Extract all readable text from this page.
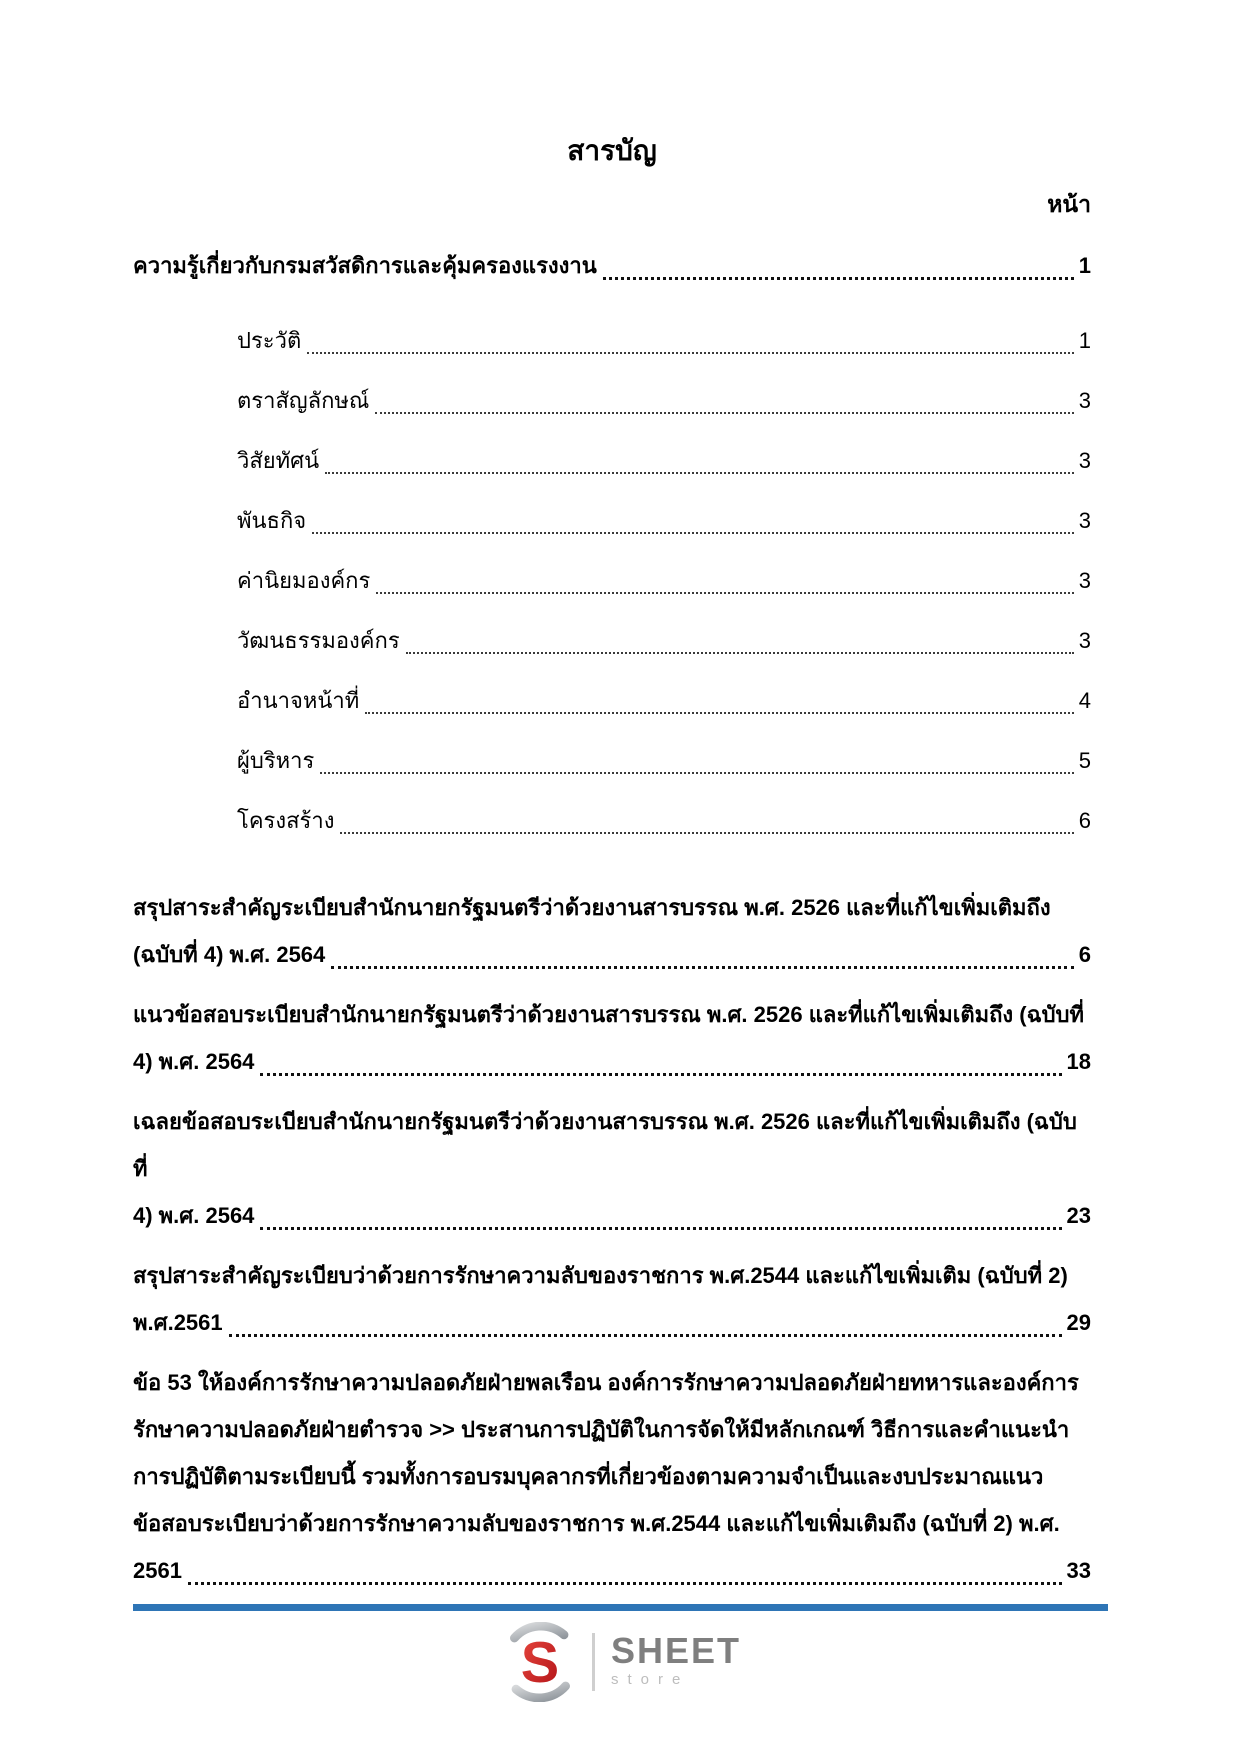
สารบัญ
หน้า
ความรู้เกี่ยวกับกรมสวัสดิการและคุ้มครองแรงงาน	1
ประวัติ	1
ตราสัญลักษณ์	3
วิสัยทัศน์	3
พันธกิจ	3
ค่านิยมองค์กร	3
วัฒนธรรมองค์กร	3
อำนาจหน้าที่	4
ผู้บริหาร	5
โครงสร้าง	6
สรุปสาระสำคัญระเบียบสำนักนายกรัฐมนตรีว่าด้วยงานสารบรรณ พ.ศ. 2526 และที่แก้ไขเพิ่มเติมถึง
(ฉบับที่ 4) พ.ศ. 2564	6
แนวข้อสอบระเบียบสำนักนายกรัฐมนตรีว่าด้วยงานสารบรรณ พ.ศ. 2526 และที่แก้ไขเพิ่มเติมถึง (ฉบับที่
4) พ.ศ. 2564	18
เฉลยข้อสอบระเบียบสำนักนายกรัฐมนตรีว่าด้วยงานสารบรรณ พ.ศ. 2526 และที่แก้ไขเพิ่มเติมถึง (ฉบับที่
4) พ.ศ. 2564	23
สรุปสาระสำคัญระเบียบว่าด้วยการรักษาความลับของราชการ พ.ศ.2544 และแก้ไขเพิ่มเติม (ฉบับที่ 2)
พ.ศ.2561	29
ข้อ 53 ให้องค์การรักษาความปลอดภัยฝ่ายพลเรือน องค์การรักษาความปลอดภัยฝ่ายทหารและองค์การ
รักษาความปลอดภัยฝ่ายตำรวจ >> ประสานการปฏิบัติในการจัดให้มีหลักเกณฑ์ วิธีการและคำแนะนำ
การปฏิบัติตามระเบียบนี้ รวมทั้งการอบรมบุคลากรที่เกี่ยวข้องตามความจำเป็นและงบประมาณแนว
ข้อสอบระเบียบว่าด้วยการรักษาความลับของราชการ พ.ศ.2544 และแก้ไขเพิ่มเติมถึง (ฉบับที่ 2) พ.ศ.
2561	33
S SHEET
store
